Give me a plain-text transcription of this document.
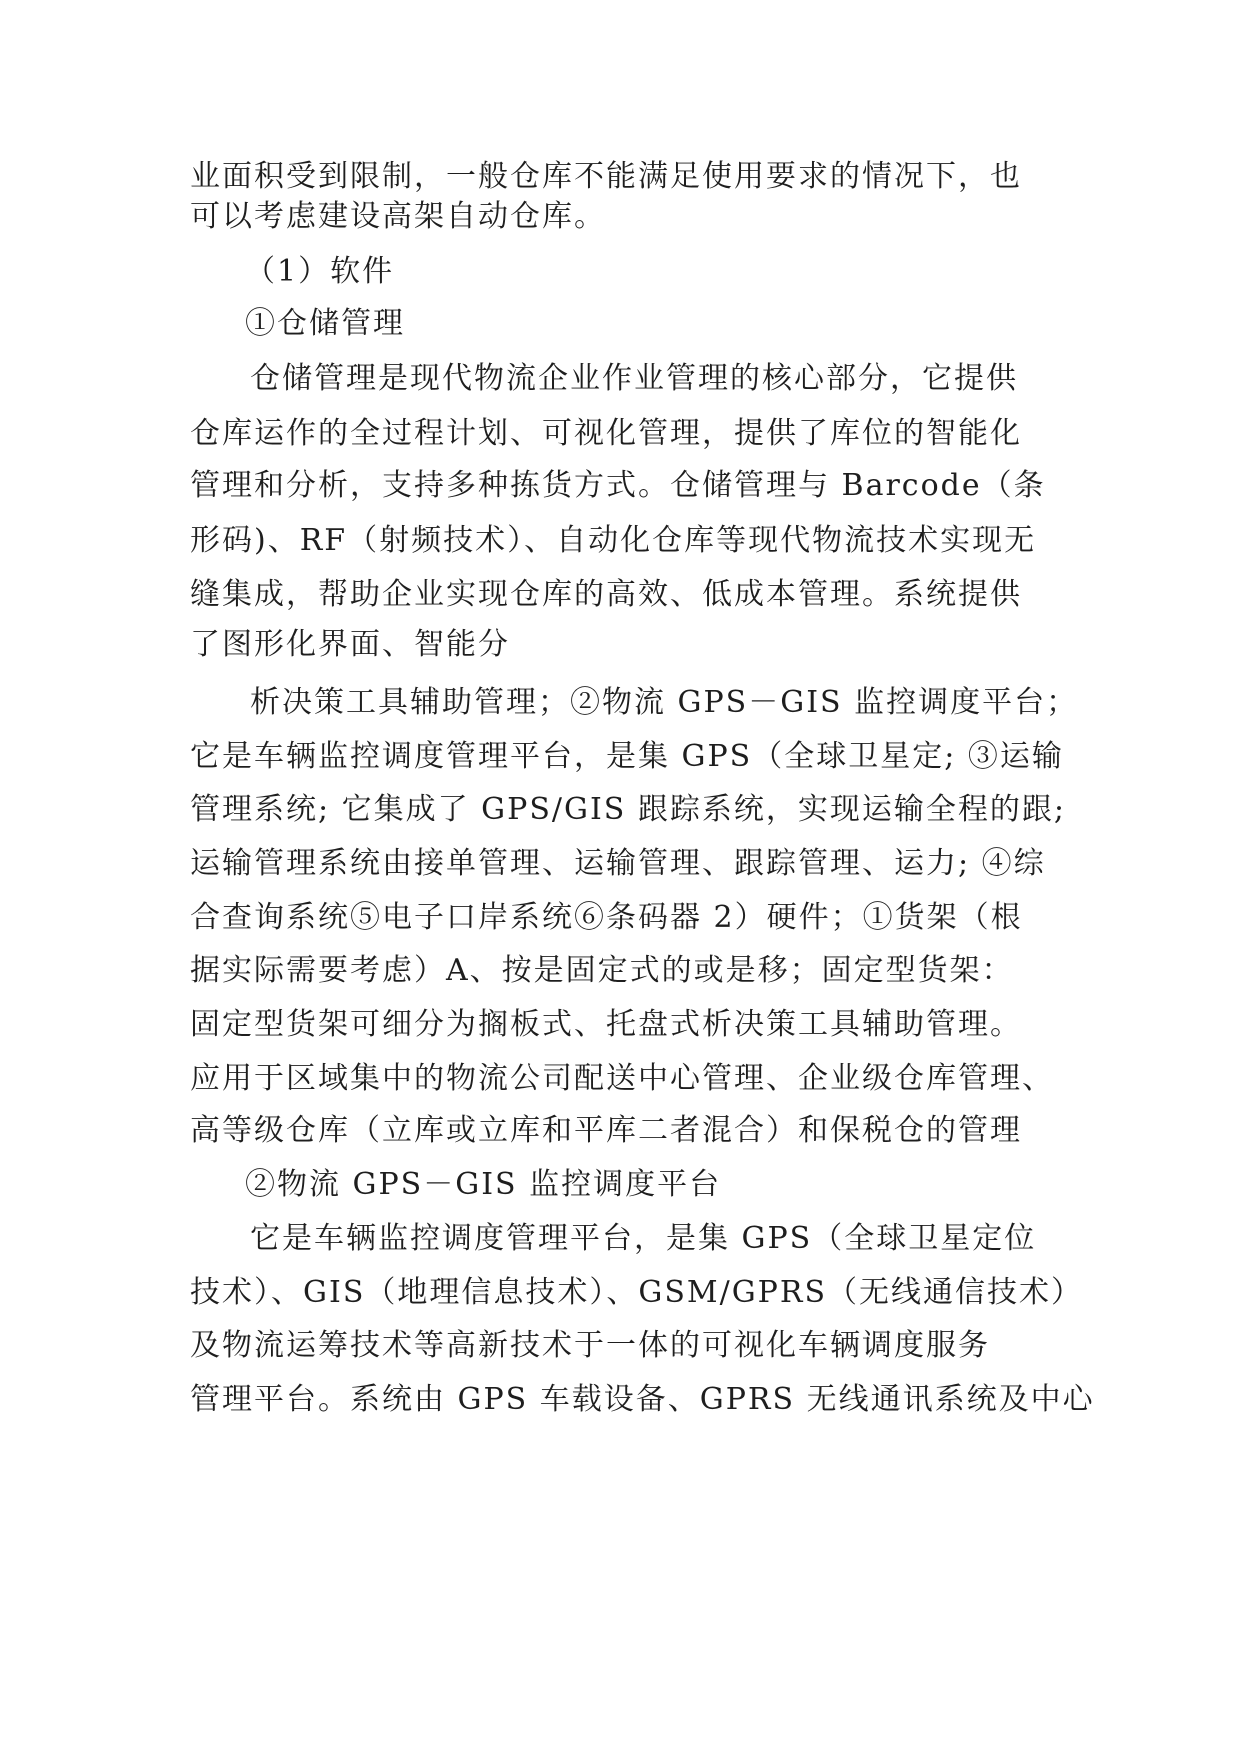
业面积受到限制，一般仓库不能满足使用要求的情况下，也
可以考虑建设高架自动仓库。
（1）软件
①仓储管理
仓储管理是现代物流企业作业管理的核心部分，它提供
仓库运作的全过程计划、可视化管理，提供了库位的智能化
管理和分析，支持多种拣货方式。仓储管理与 Barcode（条
形码)、RF（射频技术）、自动化仓库等现代物流技术实现无
缝集成，帮助企业实现仓库的高效、低成本管理。系统提供
了图形化界面、智能分
析决策工具辅助管理；②物流 GPS－GIS 监控调度平台；
它是车辆监控调度管理平台，是集 GPS（全球卫星定; ③运输
管理系统; 它集成了 GPS/GIS 跟踪系统，实现运输全程的跟;
运输管理系统由接单管理、运输管理、跟踪管理、运力; ④综
合查询系统⑤电子口岸系统⑥条码器 2）硬件；①货架（根
据实际需要考虑）A、按是固定式的或是移；固定型货架：
固定型货架可细分为搁板式、托盘式析决策工具辅助管理。
应用于区域集中的物流公司配送中心管理、企业级仓库管理、
高等级仓库（立库或立库和平库二者混合）和保税仓的管理
②物流 GPS－GIS 监控调度平台
它是车辆监控调度管理平台，是集 GPS（全球卫星定位
技术）、GIS（地理信息技术）、GSM/GPRS（无线通信技术）
及物流运筹技术等高新技术于一体的可视化车辆调度服务
管理平台。系统由 GPS 车载设备、GPRS 无线通讯系统及中心
